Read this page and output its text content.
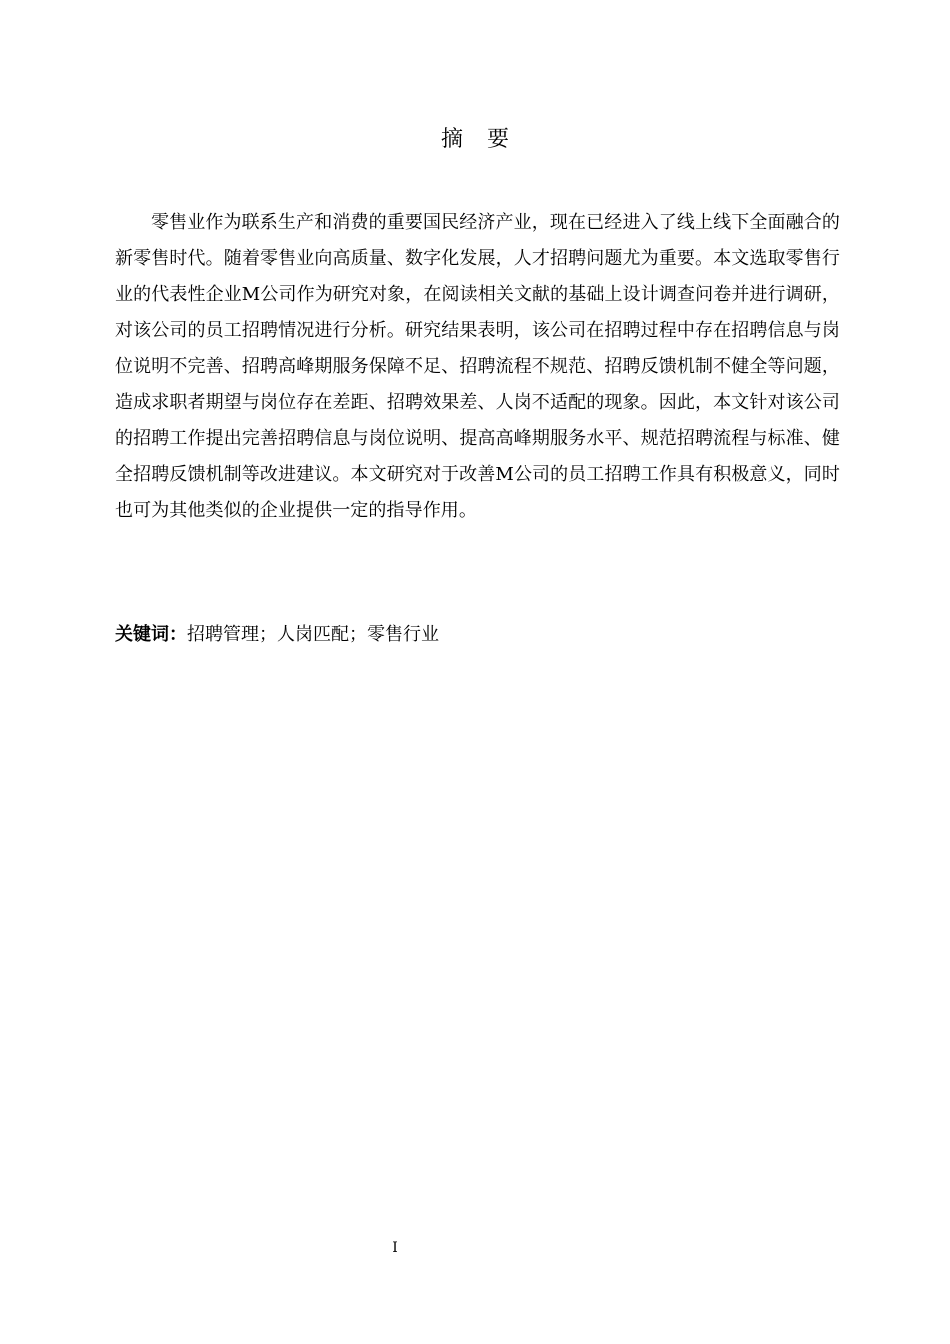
摘要

零售业作为联系生产和消费的重要国民经济产业，现在已经进入了线上线下全面融合的新零售时代。随着零售业向高质量、数字化发展，人才招聘问题尤为重要。本文选取零售行业的代表性企业M公司作为研究对象，在阅读相关文献的基础上设计调查问卷并进行调研，对该公司的员工招聘情况进行分析。研究结果表明，该公司在招聘过程中存在招聘信息与岗位说明不完善、招聘高峰期服务保障不足、招聘流程不规范、招聘反馈机制不健全等问题，造成求职者期望与岗位存在差距、招聘效果差、人岗不适配的现象。因此，本文针对该公司的招聘工作提出完善招聘信息与岗位说明、提高高峰期服务水平、规范招聘流程与标准、健全招聘反馈机制等改进建议。本文研究对于改善M公司的员工招聘工作具有积极意义，同时也可为其他类似的企业提供一定的指导作用。

关键词：招聘管理；人岗匹配；零售行业
I
